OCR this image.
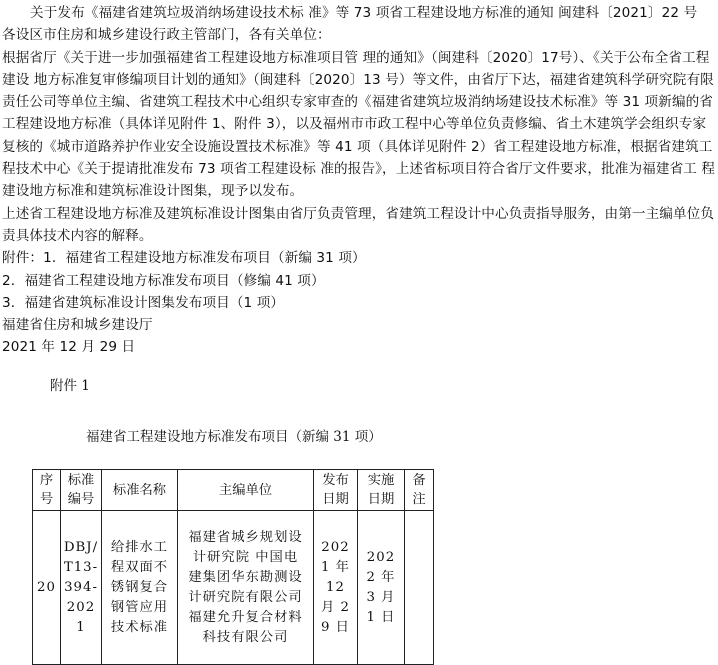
关于发布《福建省建筑垃圾消纳场建设技术标 准》等 73 项省工程建设地方标准的通知 闽建科〔2021〕22 号

各设区市住房和城乡建设行政主管部门，各有关单位：

根据省厅《关于进一步加强福建省工程建设地方标准项目管 理的通知》（闽建科〔2020〕17号）、《关于公布全省工程建设 地方标准复审修编项目计划的通知》（闽建科〔2020〕13 号）等文件，由省厅下达，福建省建筑科学研究院有限责任公司等单位主编、省建筑工程技术中心组织专家审查的《福建省建筑垃圾消纳场建设技术标准》等 31 项新编的省工程建设地方标准（具体详见附件 1、附件 3），以及福州市市政工程中心等单位负责修编、省土木建筑学会组织专家复核的《城市道路养护作业安全设施设置技术标准》等 41 项（具体详见附件 2）省工程建设地方标准，根据省建筑工程技术中心《关于提请批准发布 73 项省工程建设标 准的报告》，上述省标项目符合省厅文件要求，批准为福建省工 程建设地方标准和建筑标准设计图集，现予以发布。

上述省工程建设地方标准及建筑标准设计图集由省厅负责管理，省建筑工程设计中心负责指导服务，由第一主编单位负责具体技术内容的解释。

附件：1．福建省工程建设地方标准发布项目（新编 31 项）

2．福建省工程建设地方标准发布项目（修编 41 项）

3．福建省建筑标准设计图集发布项目（1 项）

福建省住房和城乡建设厅

2021 年 12 月 29 日

附件 1
福建省工程建设地方标准发布项目（新编 31 项）
序号	标准编号	标准名称	主编单位	发布日期	实施日期	备注
20	DBJ/T13-394-2021	给排水工程双面不锈钢复合钢管应用技术标准	福建省城乡规划设计研究院 中国电建集团华东勘测设计研究院有限公司 福建允升复合材料科技有限公司	2021 年 12 月 29 日	2022 年 3 月 1 日	
